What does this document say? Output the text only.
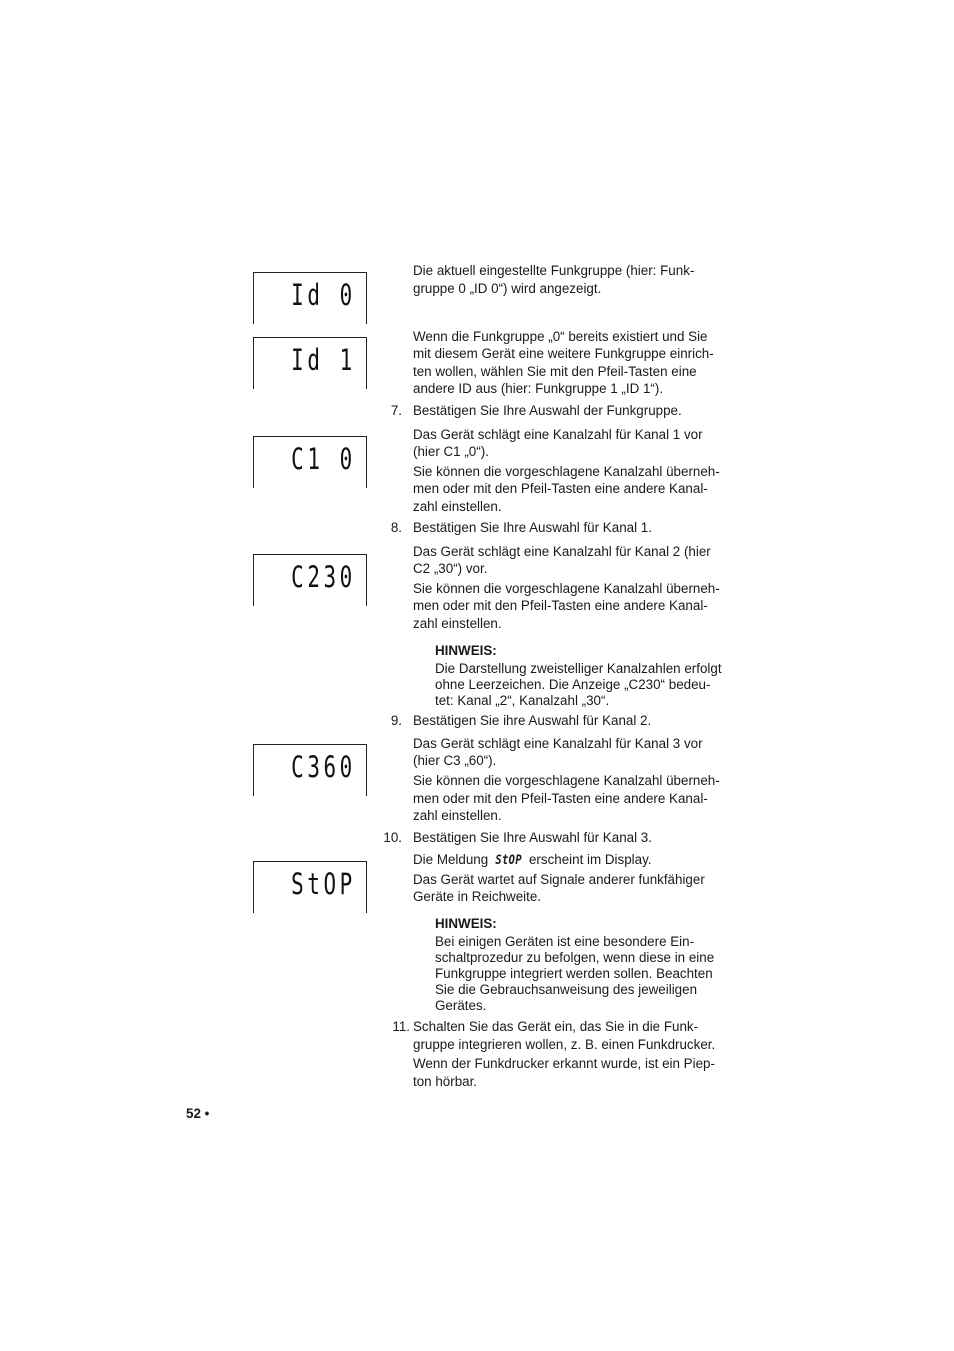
Id 0
Id 1
C1 0
C230
C360
StOP

Die aktuell eingestellte Funkgruppe (hier: Funk-

gruppe 0 „ID 0“) wird angezeigt.

Wenn die Funkgruppe „0“ bereits existiert und Sie

mit diesem Gerät eine weitere Funkgruppe einrich-

ten wollen, wählen Sie mit den Pfeil-Tasten eine

andere ID aus (hier: Funkgruppe 1 „ID 1“).

7. Bestätigen Sie Ihre Auswahl der Funkgruppe.

Das Gerät schlägt eine Kanalzahl für Kanal 1 vor

(hier C1 „0“).

Sie können die vorgeschlagene Kanalzahl überneh-

men oder mit den Pfeil-Tasten eine andere Kanal-

zahl einstellen.

8. Bestätigen Sie Ihre Auswahl für Kanal 1.

Das Gerät schlägt eine Kanalzahl für Kanal 2 (hier

C2 „30“) vor.

Sie können die vorgeschlagene Kanalzahl überneh-

men oder mit den Pfeil-Tasten eine andere Kanal-

zahl einstellen.

HINWEIS:

Die Darstellung zweistelliger Kanalzahlen erfolgt

ohne Leerzeichen. Die Anzeige „C230“ bedeu-

tet: Kanal „2“, Kanalzahl „30“.

9. Bestätigen Sie ihre Auswahl für Kanal 2.

Das Gerät schlägt eine Kanalzahl für Kanal 3 vor

(hier C3 „60“).

Sie können die vorgeschlagene Kanalzahl überneh-

men oder mit den Pfeil-Tasten eine andere Kanal-

zahl einstellen.

10. Bestätigen Sie Ihre Auswahl für Kanal 3.

Die Meldung StOP erscheint im Display.

Das Gerät wartet auf Signale anderer funkfähiger

Geräte in Reichweite.

HINWEIS:

Bei einigen Geräten ist eine besondere Ein-

schaltprozedur zu befolgen, wenn diese in eine

Funkgruppe integriert werden sollen. Beachten

Sie die Gebrauchsanweisung des jeweiligen

Gerätes.

11. Schalten Sie das Gerät ein, das Sie in die Funk-

gruppe integrieren wollen, z. B. einen Funkdrucker.

Wenn der Funkdrucker erkannt wurde, ist ein Piep-

ton hörbar.

52 •
